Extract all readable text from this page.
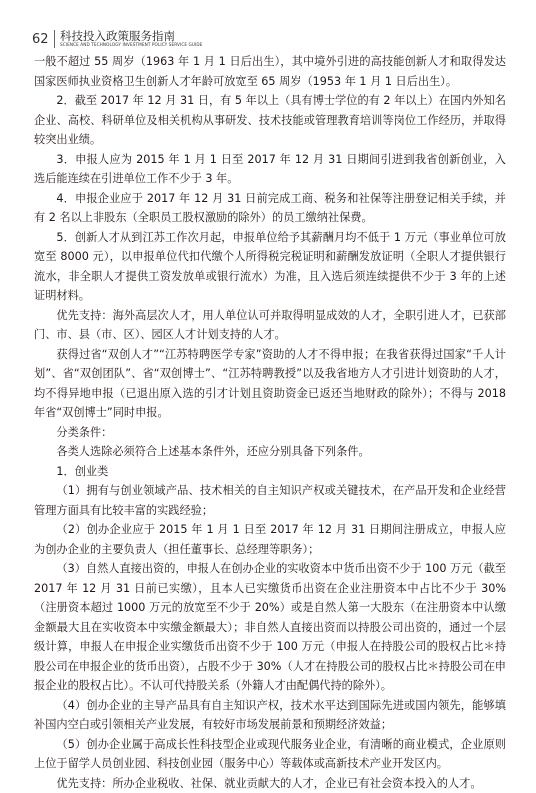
62 科技投入政策服务指南
SCIENCE AND TECHNOLOGY INVESTMENT POLICY SERVICE GUIDE

一般不超过 55 周岁（1963 年 1 月 1 日后出生），其中境外引进的高技能创新人才和取得发达国家医师执业资格卫生创新人才年龄可放宽至 65 周岁（1953 年 1 月 1 日后出生）。

2．截至 2017 年 12 月 31 日，有 5 年以上（具有博士学位的有 2 年以上）在国内外知名企业、高校、科研单位及相关机构从事研发、技术技能或管理教育培训等岗位工作经历，并取得较突出业绩。

3．申报人应为 2015 年 1 月 1 日至 2017 年 12 月 31 日期间引进到我省创新创业，入选后能连续在引进单位工作不少于 3 年。

4．申报企业应于 2017 年 12 月 31 日前完成工商、税务和社保等注册登记相关手续，并有 2 名以上非股东（全职员工股权激励的除外）的员工缴纳社保费。

5．创新人才从到江苏工作次月起，申报单位给予其薪酬月均不低于 1 万元（事业单位可放宽至 8000 元），以申报单位代扣代缴个人所得税完税证明和薪酬发放证明（全职人才提供银行流水，非全职人才提供工资发放单或银行流水）为准，且入选后须连续提供不少于 3 年的上述证明材料。

优先支持：海外高层次人才，用人单位认可并取得明显成效的人才，全职引进人才，已获部门、市、县（市、区）、园区人才计划支持的人才。

获得过省“双创人才”“江苏特聘医学专家”资助的人才不得申报；在我省获得过国家“千人计划”、省“双创团队”、省“双创博士”、“江苏特聘教授”以及我省地方人才引进计划资助的人才，均不得异地申报（已退出原入选的引才计划且资助资金已返还当地财政的除外）；不得与 2018 年省“双创博士”同时申报。

分类条件：

各类人选除必须符合上述基本条件外，还应分别具备下列条件。

1．创业类

（1）拥有与创业领域产品、技术相关的自主知识产权或关键技术，在产品开发和企业经营管理方面具有比较丰富的实践经验；

（2）创办企业应于 2015 年 1 月 1 日至 2017 年 12 月 31 日期间注册成立，申报人应为创办企业的主要负责人（担任董事长、总经理等职务）；

（3）自然人直接出资的，申报人在创办企业的实收资本中货币出资不少于 100 万元（截至 2017 年 12 月 31 日前已实缴），且本人已实缴货币出资在企业注册资本中占比不少于 30%（注册资本超过 1000 万元的放宽至不少于 20%）或是自然人第一大股东（在注册资本中认缴金额最大且在实收资本中实缴金额最大）；非自然人直接出资而以持股公司出资的，通过一个层级计算，申报人在申报企业实缴货币出资不少于 100 万元（申报人在持股公司的股权占比＊持股公司在申报企业的货币出资），占股不少于 30%（人才在持股公司的股权占比＊持股公司在申报企业的股权占比）。不认可代持股关系（外籍人才由配偶代持的除外）。

（4）创办企业的主导产品具有自主知识产权，技术水平达到国际先进或国内领先，能够填补国内空白或引领相关产业发展，有较好市场发展前景和预期经济效益；

（5）创办企业属于高成长性科技型企业或现代服务业企业，有清晰的商业模式，企业原则上位于留学人员创业园、科技创业园（服务中心）等载体或高新技术产业开发区内。

优先支持：所办企业税收、社保、就业贡献大的人才，企业已有社会资本投入的人才。
